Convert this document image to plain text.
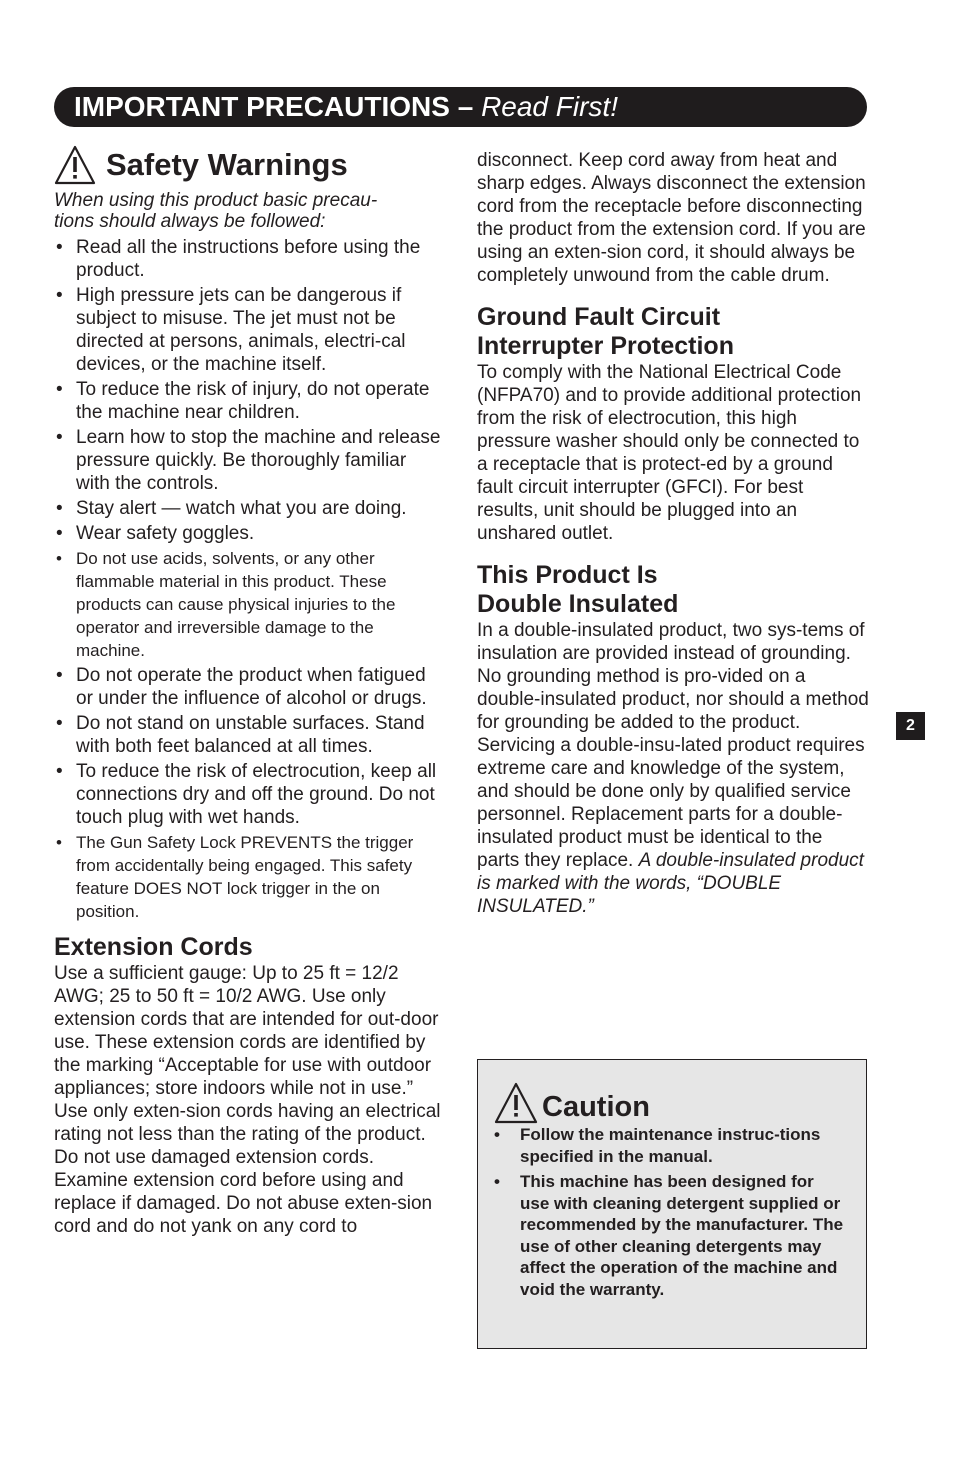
IMPORTANT PRECAUTIONS – Read First!
Safety Warnings

When using this product basic precau-
tions should always be followed:

• Read all the instructions before using the product.
• High pressure jets can be dangerous if subject to misuse. The jet must not be directed at persons, animals, electri-cal devices, or the machine itself.
• To reduce the risk of injury, do not operate the machine near children.
• Learn how to stop the machine and release pressure quickly. Be thoroughly familiar with the controls.
• Stay alert — watch what you are doing.
• Wear safety goggles.
• Do not use acids, solvents, or any other flammable material in this product. These products can cause physical injuries to the operator and irreversible damage to the machine.
• Do not operate the product when fatigued or under the influence of alcohol or drugs.
• Do not stand on unstable surfaces. Stand with both feet balanced at all times.
• To reduce the risk of electrocution, keep all connections dry and off the ground. Do not touch plug with wet hands.
• The Gun Safety Lock PREVENTS the trigger from accidentally being engaged. This safety feature DOES NOT lock trigger in the on position.
Extension Cords

Use a sufficient gauge: Up to 25 ft = 12/2 AWG; 25 to 50 ft = 10/2 AWG. Use only extension cords that are intended for out-door use. These extension cords are identified by the marking “Acceptable for use with outdoor appliances; store indoors while not in use.” Use only exten-sion cords having an electrical rating not less than the rating of the product. Do not use damaged extension cords. Examine extension cord before using and replace if damaged. Do not abuse exten-sion cord and do not yank on any cord to

disconnect. Keep cord away from heat and sharp edges. Always disconnect the extension cord from the receptacle before disconnecting the product from the extension cord. If you are using an exten-sion cord, it should always be completely unwound from the cable drum.

Ground Fault Circuit
Interrupter Protection

To comply with the National Electrical Code (NFPA70) and to provide additional protection from the risk of electrocution, this high pressure washer should only be connected to a receptacle that is protect-ed by a ground fault circuit interrupter (GFCI). For best results, unit should be plugged into an unshared outlet.

This Product Is
Double Insulated

In a double-insulated product, two sys-tems of insulation are provided instead of grounding. No grounding method is pro-vided on a double-insulated product, nor should a method for grounding be added to the product. Servicing a double-insu-lated product requires extreme care and knowledge of the system, and should be done only by qualified service personnel. Replacement parts for a double-insulated product must be identical to the parts they replace. A double-insulated product is marked with the words, “DOUBLE INSULATED.”

2
Caution
• Follow the maintenance instruc-tions specified in the manual.
• This machine has been designed for use with cleaning detergent supplied or recommended by the manufacturer. The use of other cleaning detergents may affect the operation of the machine and void the warranty.
